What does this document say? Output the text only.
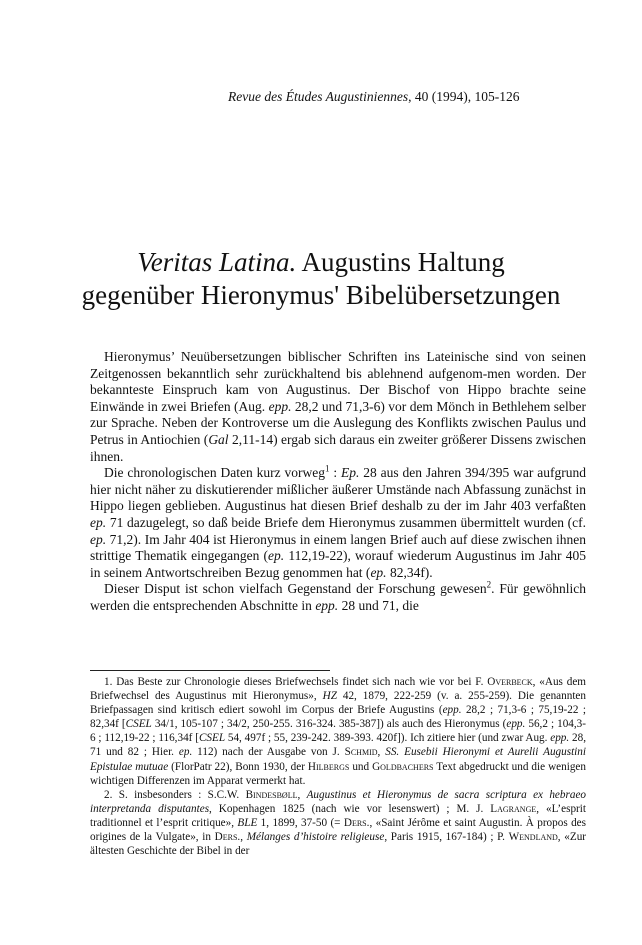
Revue des Études Augustiniennes, 40 (1994), 105-126
Veritas Latina. Augustins Haltung
gegenüber Hieronymus' Bibelübersetzungen

Hieronymus’ Neuübersetzungen biblischer Schriften ins Lateinische sind von seinen Zeitgenossen bekanntlich sehr zurückhaltend bis ablehnend aufgenom-men worden. Der bekannteste Einspruch kam von Augustinus. Der Bischof von Hippo brachte seine Einwände in zwei Briefen (Aug. epp. 28,2 und 71,3-6) vor dem Mönch in Bethlehem selber zur Sprache. Neben der Kontroverse um die Auslegung des Konflikts zwischen Paulus und Petrus in Antiochien (Gal 2,11-14) ergab sich daraus ein zweiter größerer Dissens zwischen ihnen.

Die chronologischen Daten kurz vorweg$^1$ : Ep. 28 aus den Jahren 394/395 war aufgrund hier nicht näher zu diskutierender mißlicher äußerer Umstände nach Abfassung zunächst in Hippo liegen geblieben. Augustinus hat diesen Brief deshalb zu der im Jahr 403 verfaßten ep. 71 dazugelegt, so daß beide Briefe dem Hieronymus zusammen übermittelt wurden (cf. ep. 71,2). Im Jahr 404 ist Hieronymus in einem langen Brief auch auf diese zwischen ihnen strittige Thematik eingegangen (ep. 112,19-22), worauf wiederum Augustinus im Jahr 405 in seinem Antwortschreiben Bezug genommen hat (ep. 82,34f).

Dieser Disput ist schon vielfach Gegenstand der Forschung gewesen$^2$. Für gewöhnlich werden die entsprechenden Abschnitte in epp. 28 und 71, die

1. Das Beste zur Chronologie dieses Briefwechsels findet sich nach wie vor bei F. Overbeck, «Aus dem Briefwechsel des Augustinus mit Hieronymus», HZ 42, 1879, 222-259 (v. a. 255-259). Die genannten Briefpassagen sind kritisch ediert sowohl im Corpus der Briefe Augustins (epp. 28,2 ; 71,3-6 ; 75,19-22 ; 82,34f [CSEL 34/1, 105-107 ; 34/2, 250-255. 316-324. 385-387]) als auch des Hieronymus (epp. 56,2 ; 104,3-6 ; 112,19-22 ; 116,34f [CSEL 54, 497f ; 55, 239-242. 389-393. 420f]). Ich zitiere hier (und zwar Aug. epp. 28, 71 und 82 ; Hier. ep. 112) nach der Ausgabe von J. Schmid, SS. Eusebii Hieronymi et Aurelii Augustini Epistulae mutuae (FlorPatr 22), Bonn 1930, der Hilbergs und Goldbachers Text abgedruckt und die wenigen wichtigen Differenzen im Apparat vermerkt hat.

2. S. insbesonders : S.C.W. Bindesbøll, Augustinus et Hieronymus de sacra scriptura ex hebraeo interpretanda disputantes, Kopenhagen 1825 (nach wie vor lesenswert) ; M. J. Lagrange, «L’esprit traditionnel et l’esprit critique», BLE 1, 1899, 37-50 (= Ders., «Saint Jérôme et saint Augustin. À propos des origines de la Vulgate», in Ders., Mélanges d’histoire religieuse, Paris 1915, 167-184) ; P. Wendland, «Zur ältesten Geschichte der Bibel in der
